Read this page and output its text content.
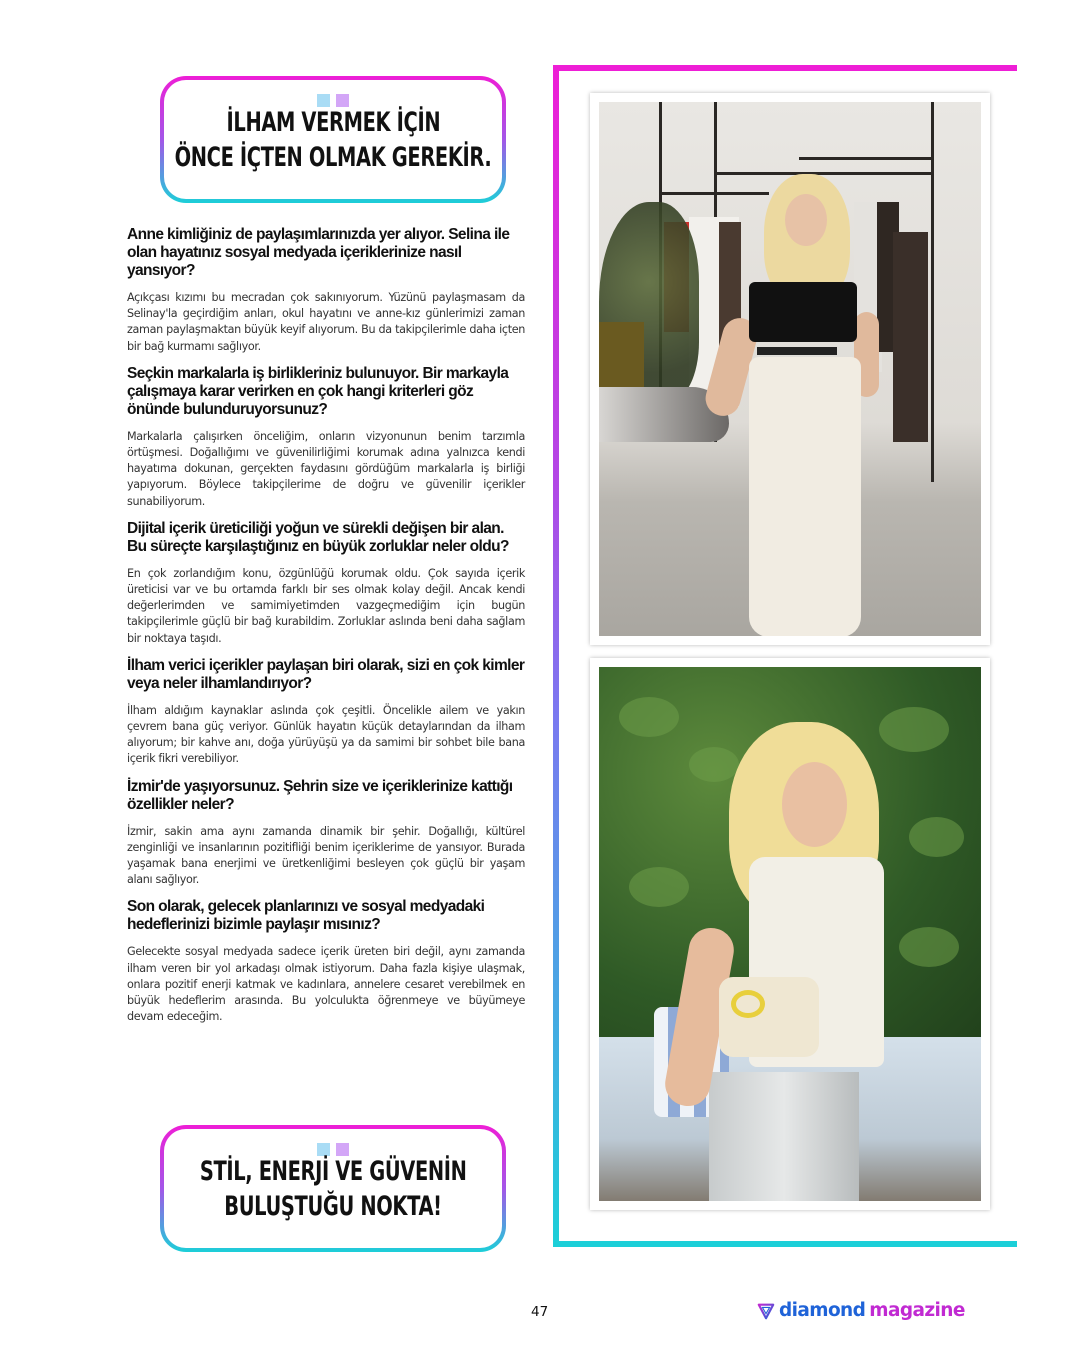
İLHAM VERMEK İÇİN
ÖNCE İÇTEN OLMAK GEREKİR.
Anne kimliğiniz de paylaşımlarınızda yer alıyor. Selina ile olan hayatınız sosyal medyada içeriklerinize nasıl yansıyor?
Açıkçası kızımı bu mecradan çok sakınıyorum. Yüzünü paylaşmasam da Selinay'la geçirdiğim anları, okul hayatını ve anne-kız günlerimizi zaman zaman paylaşmaktan büyük keyif alıyorum. Bu da takipçilerimle daha içten bir bağ kurmamı sağlıyor.
Seçkin markalarla iş birlikleriniz bulunuyor. Bir markayla çalışmaya karar verirken en çok hangi kriterleri göz önünde bulunduruyorsunuz?
Markalarla çalışırken önceliğim, onların vizyonunun benim tarzımla örtüşmesi. Doğallığımı ve güvenilirliğimi korumak adına yalnızca kendi hayatıma dokunan, gerçekten faydasını gördüğüm markalarla iş birliği yapıyorum. Böylece takipçilerime de doğru ve güvenilir içerikler sunabiliyorum.
Dijital içerik üreticiliği yoğun ve sürekli değişen bir alan. Bu süreçte karşılaştığınız en büyük zorluklar neler oldu?
En çok zorlandığım konu, özgünlüğü korumak oldu. Çok sayıda içerik üreticisi var ve bu ortamda farklı bir ses olmak kolay değil. Ancak kendi değerlerimden ve samimiyetimden vazgeçmediğim için bugün takipçilerimle güçlü bir bağ kurabildim. Zorluklar aslında beni daha sağlam bir noktaya taşıdı.
İlham verici içerikler paylaşan biri olarak, sizi en çok kimler veya neler ilhamlandırıyor?
İlham aldığım kaynaklar aslında çok çeşitli. Öncelikle ailem ve yakın çevrem bana güç veriyor. Günlük hayatın küçük detaylarından da ilham alıyorum; bir kahve anı, doğa yürüyüşü ya da samimi bir sohbet bile bana içerik fikri verebiliyor.
İzmir'de yaşıyorsunuz. Şehrin size ve içeriklerinize kattığı özellikler neler?
İzmir, sakin ama aynı zamanda dinamik bir şehir. Doğallığı, kültürel zenginliği ve insanlarının pozitifliği benim içeriklerime de yansıyor. Burada yaşamak bana enerjimi ve üretkenliğimi besleyen çok güçlü bir yaşam alanı sağlıyor.
Son olarak, gelecek planlarınızı ve sosyal medyadaki hedeflerinizi bizimle paylaşır mısınız?
Gelecekte sosyal medyada sadece içerik üreten biri değil, aynı zamanda ilham veren bir yol arkadaşı olmak istiyorum. Daha fazla kişiye ulaşmak, onlara pozitif enerji katmak ve kadınlara, annelere cesaret verebilmek en büyük hedeflerim arasında. Bu yolculukta öğrenmeye ve büyümeye devam edeceğim.
STİL, ENERJİ VE GÜVENİN
BULUŞTUĞU NOKTA!
47	diamond magazine
